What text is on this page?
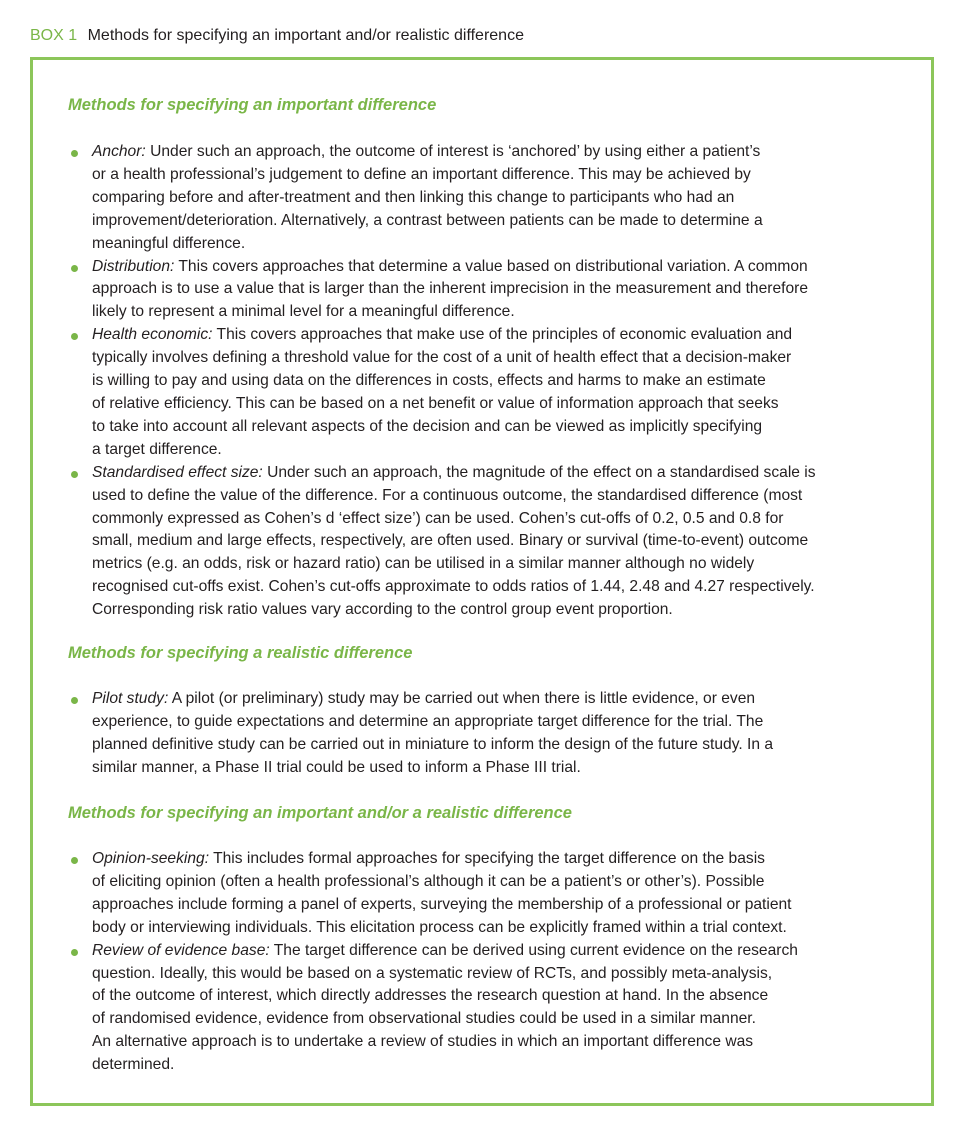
BOX 1 Methods for specifying an important and/or realistic difference
Methods for specifying an important difference
Anchor: Under such an approach, the outcome of interest is ‘anchored’ by using either a patient’s
or a health professional’s judgement to define an important difference. This may be achieved by
comparing before and after-treatment and then linking this change to participants who had an
improvement/deterioration. Alternatively, a contrast between patients can be made to determine a
meaningful difference.
Distribution: This covers approaches that determine a value based on distributional variation. A common
approach is to use a value that is larger than the inherent imprecision in the measurement and therefore
likely to represent a minimal level for a meaningful difference.
Health economic: This covers approaches that make use of the principles of economic evaluation and
typically involves defining a threshold value for the cost of a unit of health effect that a decision-maker
is willing to pay and using data on the differences in costs, effects and harms to make an estimate
of relative efficiency. This can be based on a net benefit or value of information approach that seeks
to take into account all relevant aspects of the decision and can be viewed as implicitly specifying
a target difference.
Standardised effect size: Under such an approach, the magnitude of the effect on a standardised scale is
used to define the value of the difference. For a continuous outcome, the standardised difference (most
commonly expressed as Cohen’s d ‘effect size’) can be used. Cohen’s cut-offs of 0.2, 0.5 and 0.8 for
small, medium and large effects, respectively, are often used. Binary or survival (time-to-event) outcome
metrics (e.g. an odds, risk or hazard ratio) can be utilised in a similar manner although no widely
recognised cut-offs exist. Cohen’s cut-offs approximate to odds ratios of 1.44, 2.48 and 4.27 respectively.
Corresponding risk ratio values vary according to the control group event proportion.
Methods for specifying a realistic difference
Pilot study: A pilot (or preliminary) study may be carried out when there is little evidence, or even
experience, to guide expectations and determine an appropriate target difference for the trial. The
planned definitive study can be carried out in miniature to inform the design of the future study. In a
similar manner, a Phase II trial could be used to inform a Phase III trial.
Methods for specifying an important and/or a realistic difference
Opinion-seeking: This includes formal approaches for specifying the target difference on the basis
of eliciting opinion (often a health professional’s although it can be a patient’s or other’s). Possible
approaches include forming a panel of experts, surveying the membership of a professional or patient
body or interviewing individuals. This elicitation process can be explicitly framed within a trial context.
Review of evidence base: The target difference can be derived using current evidence on the research
question. Ideally, this would be based on a systematic review of RCTs, and possibly meta-analysis,
of the outcome of interest, which directly addresses the research question at hand. In the absence
of randomised evidence, evidence from observational studies could be used in a similar manner.
An alternative approach is to undertake a review of studies in which an important difference was
determined.
